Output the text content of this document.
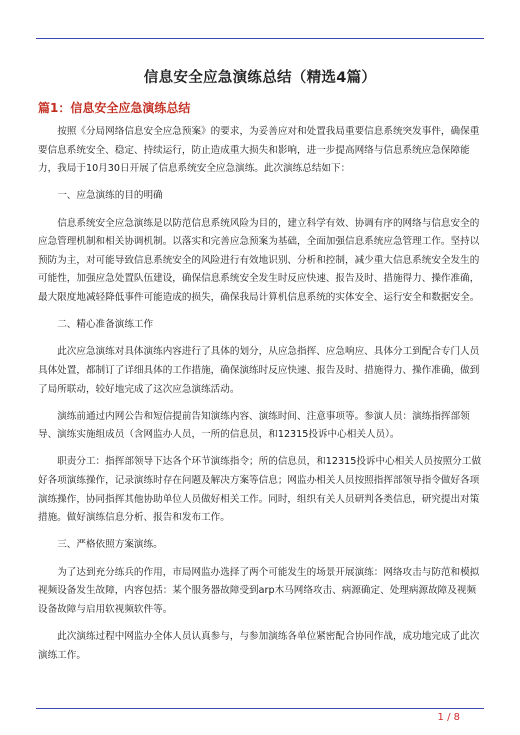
信息安全应急演练总结（精选4篇）
篇1：信息安全应急演练总结

按照《分局网络信息安全应急预案》的要求，为妥善应对和处置我局重要信息系统突发事件，确保重要信息系统安全、稳定、持续运行，防止造成重大损失和影响，进一步提高网络与信息系统应急保障能力，我局于10月30日开展了信息系统安全应急演练。此次演练总结如下：

一、应急演练的目的明确

信息系统安全应急演练是以防范信息系统风险为目的，建立科学有效、协调有序的网络与信息安全的应急管理机制和相关协调机制。以落实和完善应急预案为基础，全面加强信息系统应急管理工作。坚持以预防为主，对可能导致信息系统安全的风险进行有效地识别、分析和控制，减少重大信息系统安全发生的可能性，加强应急处置队伍建设，确保信息系统安全发生时反应快速、报告及时、措施得力、操作准确，最大限度地减轻降低事件可能造成的损失，确保我局计算机信息系统的实体安全、运行安全和数据安全。

二、精心准备演练工作

此次应急演练对具体演练内容进行了具体的划分，从应急指挥、应急响应、具体分工到配合专门人员具体处置，都制订了详细具体的工作措施，确保演练时反应快速、报告及时、措施得力、操作准确，做到了局所联动，较好地完成了这次应急演练活动。

演练前通过内网公告和短信提前告知演练内容、演练时间、注意事项等。参演人员：演练指挥部领导、演练实施组成员（含网监办人员，一所的信息员，和12315投诉中心相关人员）。

职责分工：指挥部领导下达各个环节演练指令；所的信息员，和12315投诉中心相关人员按照分工做好各项演练操作，记录演练时存在问题及解决方案等信息；网监办相关人员按照指挥部领导指令做好各项演练操作，协同指挥其他协助单位人员做好相关工作。同时，组织有关人员研判各类信息，研究提出对策措施。做好演练信息分析、报告和发布工作。

三、严格依照方案演练。

为了达到充分练兵的作用，市局网监办选择了两个可能发生的场景开展演练：网络攻击与防范和模拟视频设备发生故障，内容包括：某个服务器故障受到arp木马网络攻击、病源确定、处理病源故障及视频设备故障与启用软视频软件等。

此次演练过程中网监办全体人员认真参与，与参加演练各单位紧密配合协同作战，成功地完成了此次演练工作。

1 / 8
